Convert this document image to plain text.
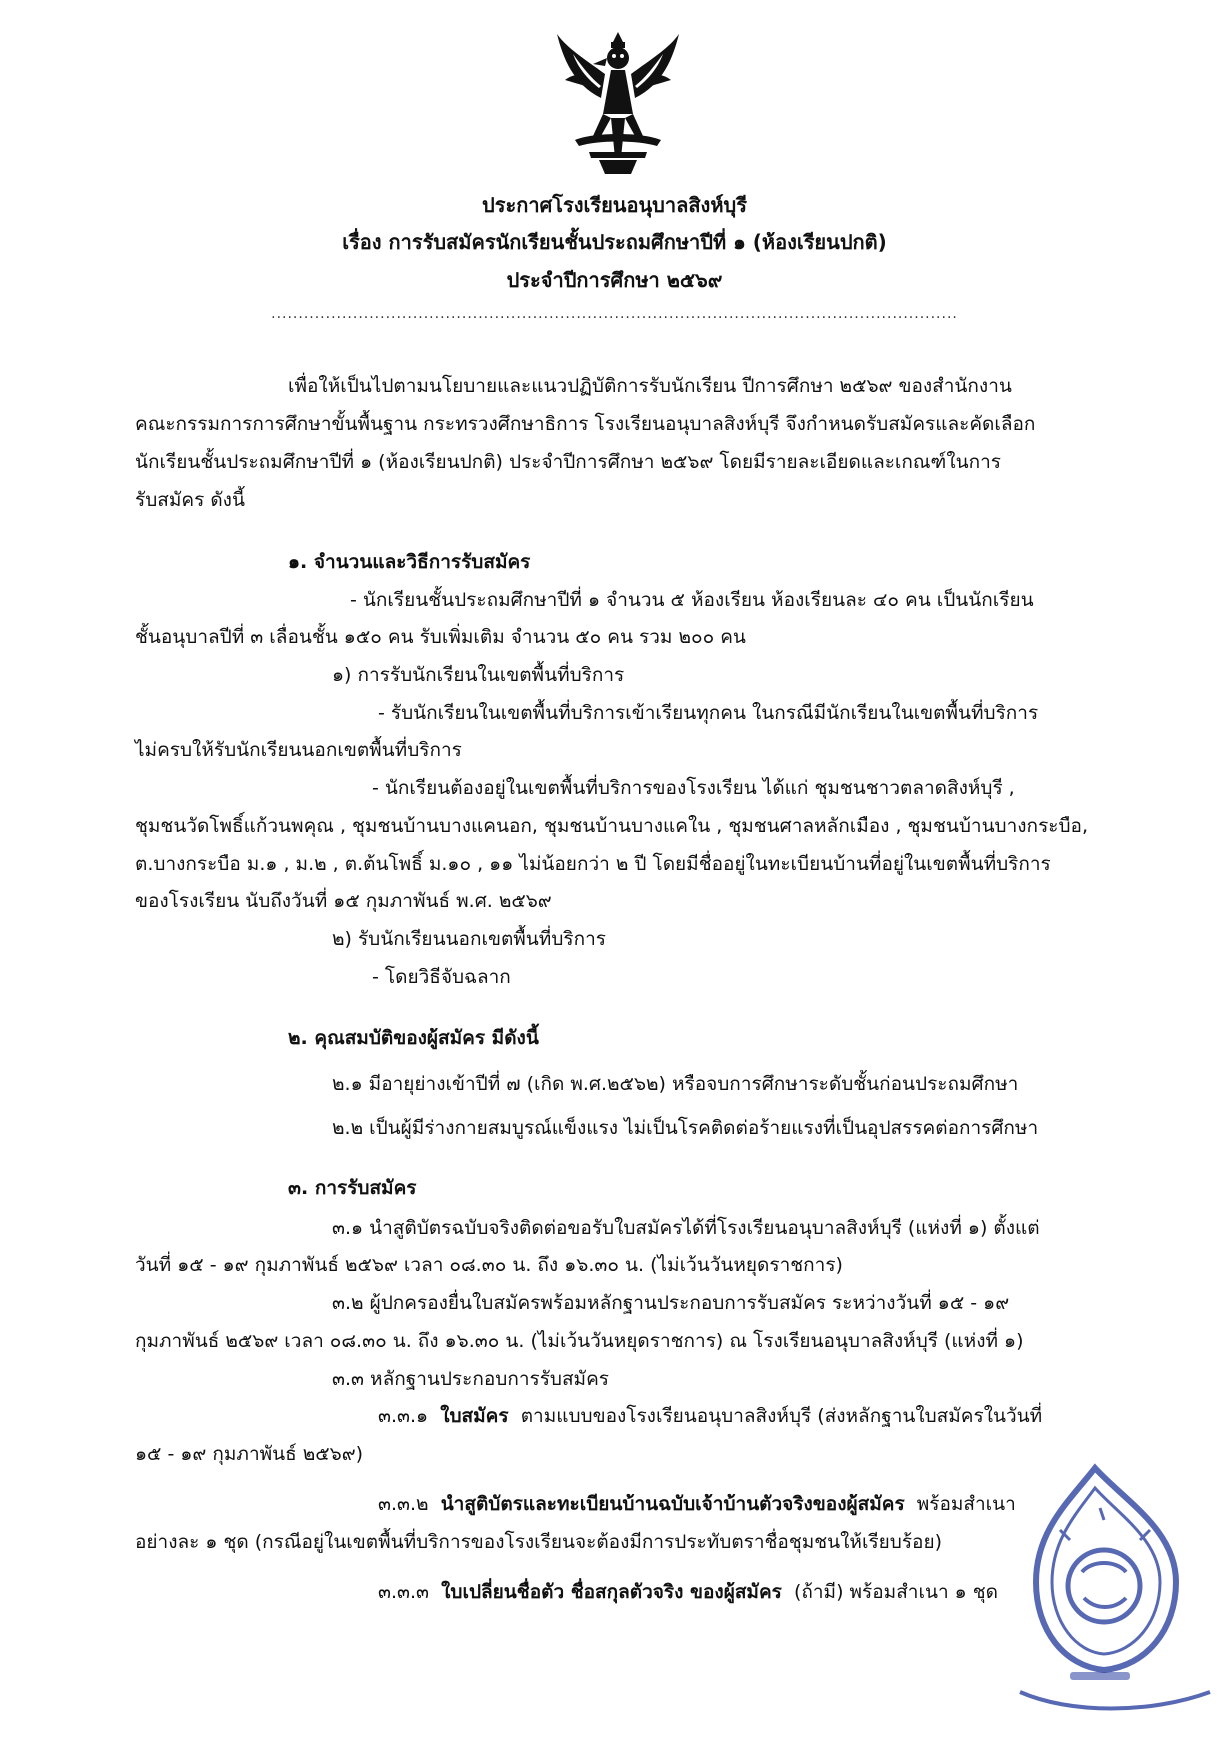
ประกาศโรงเรียนอนุบาลสิงห์บุรี
เรื่อง การรับสมัครนักเรียนชั้นประถมศึกษาปีที่ ๑ (ห้องเรียนปกติ)
ประจำปีการศึกษา ๒๕๖๙
..............................................................................................................................
เพื่อให้เป็นไปตามนโยบายและแนวปฏิบัติการรับนักเรียน ปีการศึกษา ๒๕๖๙ ของสำนักงาน
คณะกรรมการการศึกษาขั้นพื้นฐาน กระทรวงศึกษาธิการ โรงเรียนอนุบาลสิงห์บุรี จึงกำหนดรับสมัครและคัดเลือก
นักเรียนชั้นประถมศึกษาปีที่ ๑ (ห้องเรียนปกติ) ประจำปีการศึกษา ๒๕๖๙ โดยมีรายละเอียดและเกณฑ์ในการ
รับสมัคร ดังนี้
๑. จำนวนและวิธีการรับสมัคร
- นักเรียนชั้นประถมศึกษาปีที่ ๑ จำนวน ๕ ห้องเรียน ห้องเรียนละ ๔๐ คน เป็นนักเรียน
ชั้นอนุบาลปีที่ ๓ เลื่อนชั้น ๑๕๐ คน รับเพิ่มเติม จำนวน ๕๐ คน รวม ๒๐๐ คน
๑) การรับนักเรียนในเขตพื้นที่บริการ
- รับนักเรียนในเขตพื้นที่บริการเข้าเรียนทุกคน ในกรณีมีนักเรียนในเขตพื้นที่บริการ
ไม่ครบให้รับนักเรียนนอกเขตพื้นที่บริการ
- นักเรียนต้องอยู่ในเขตพื้นที่บริการของโรงเรียน ได้แก่ ชุมชนชาวตลาดสิงห์บุรี ,
ชุมชนวัดโพธิ์แก้วนพคุณ , ชุมชนบ้านบางแคนอก, ชุมชนบ้านบางแคใน , ชุมชนศาลหลักเมือง , ชุมชนบ้านบางกระบือ,
ต.บางกระบือ ม.๑ , ม.๒ , ต.ต้นโพธิ์ ม.๑๐ , ๑๑ ไม่น้อยกว่า ๒ ปี โดยมีชื่ออยู่ในทะเบียนบ้านที่อยู่ในเขตพื้นที่บริการ
ของโรงเรียน นับถึงวันที่ ๑๕ กุมภาพันธ์ พ.ศ. ๒๕๖๙
๒) รับนักเรียนนอกเขตพื้นที่บริการ
- โดยวิธีจับฉลาก
๒. คุณสมบัติของผู้สมัคร มีดังนี้
๒.๑ มีอายุย่างเข้าปีที่ ๗ (เกิด พ.ศ.๒๕๖๒) หรือจบการศึกษาระดับชั้นก่อนประถมศึกษา
๒.๒ เป็นผู้มีร่างกายสมบูรณ์แข็งแรง ไม่เป็นโรคติดต่อร้ายแรงที่เป็นอุปสรรคต่อการศึกษา
๓. การรับสมัคร
๓.๑ นำสูติบัตรฉบับจริงติดต่อขอรับใบสมัครได้ที่โรงเรียนอนุบาลสิงห์บุรี (แห่งที่ ๑) ตั้งแต่
วันที่ ๑๕ - ๑๙ กุมภาพันธ์ ๒๕๖๙ เวลา ๐๘.๓๐ น. ถึง ๑๖.๓๐ น. (ไม่เว้นวันหยุดราชการ)
๓.๒ ผู้ปกครองยื่นใบสมัครพร้อมหลักฐานประกอบการรับสมัคร ระหว่างวันที่ ๑๕ - ๑๙
กุมภาพันธ์ ๒๕๖๙ เวลา ๐๘.๓๐ น. ถึง ๑๖.๓๐ น. (ไม่เว้นวันหยุดราชการ) ณ โรงเรียนอนุบาลสิงห์บุรี (แห่งที่ ๑)
๓.๓ หลักฐานประกอบการรับสมัคร
๓.๓.๑ ใบสมัคร ตามแบบของโรงเรียนอนุบาลสิงห์บุรี (ส่งหลักฐานใบสมัครในวันที่
๑๕ - ๑๙ กุมภาพันธ์ ๒๕๖๙)
๓.๓.๒ นำสูติบัตรและทะเบียนบ้านฉบับเจ้าบ้านตัวจริงของผู้สมัคร พร้อมสำเนา
อย่างละ ๑ ชุด (กรณีอยู่ในเขตพื้นที่บริการของโรงเรียนจะต้องมีการประทับตราชื่อชุมชนให้เรียบร้อย)
๓.๓.๓ ใบเปลี่ยนชื่อตัว ชื่อสกุลตัวจริง ของผู้สมัคร (ถ้ามี) พร้อมสำเนา ๑ ชุด
